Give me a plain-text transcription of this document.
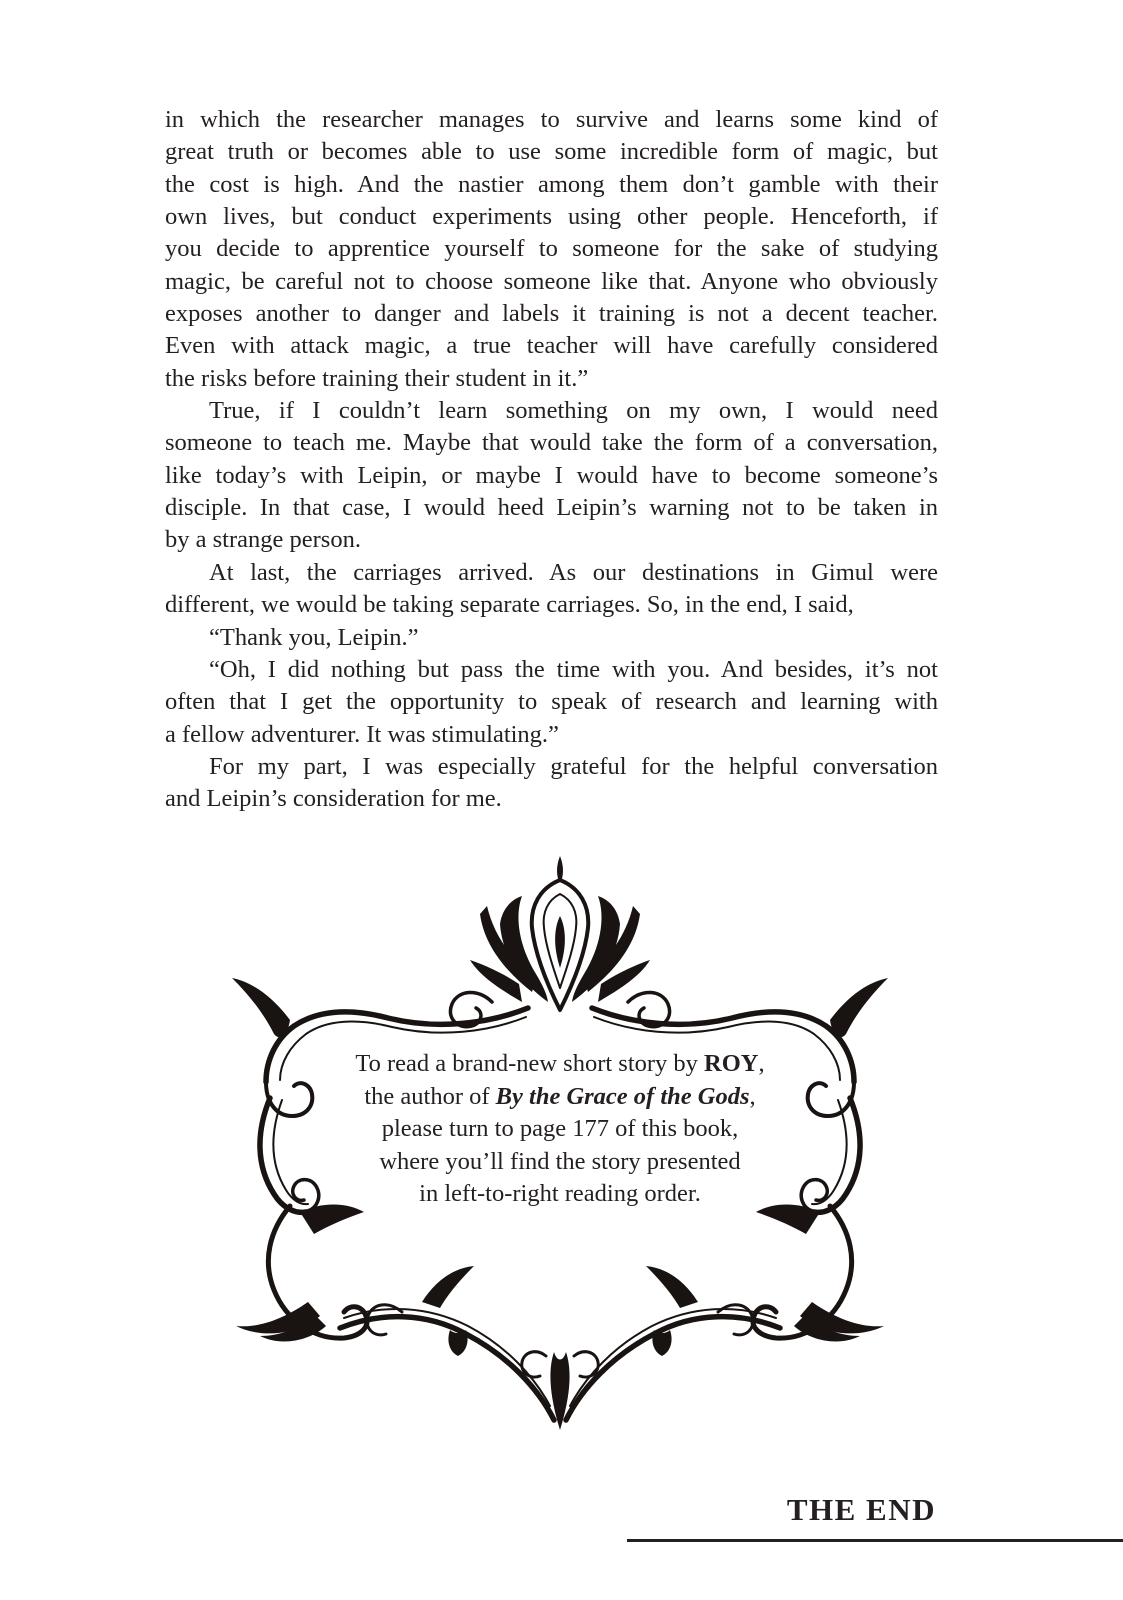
in which the researcher manages to survive and learns some kind of
great truth or becomes able to use some incredible form of magic, but
the cost is high. And the nastier among them don’t gamble with their
own lives, but conduct experiments using other people. Henceforth, if
you decide to apprentice yourself to someone for the sake of studying
magic, be careful not to choose someone like that. Anyone who obviously
exposes another to danger and labels it training is not a decent teacher.
Even with attack magic, a true teacher will have carefully considered
the risks before training their student in it.”
True, if I couldn’t learn something on my own, I would need
someone to teach me. Maybe that would take the form of a conversation,
like today’s with Leipin, or maybe I would have to become someone’s
disciple. In that case, I would heed Leipin’s warning not to be taken in
by a strange person.
At last, the carriages arrived. As our destinations in Gimul were
different, we would be taking separate carriages. So, in the end, I said,
“Thank you, Leipin.”
“Oh, I did nothing but pass the time with you. And besides, it’s not
often that I get the opportunity to speak of research and learning with
a fellow adventurer. It was stimulating.”
For my part, I was especially grateful for the helpful conversation
and Leipin’s consideration for me.
To read a brand-new short story by ROY,
the author of By the Grace of the Gods,
please turn to page 177 of this book,
where you’ll find the story presented
in left-to-right reading order.
THE END
